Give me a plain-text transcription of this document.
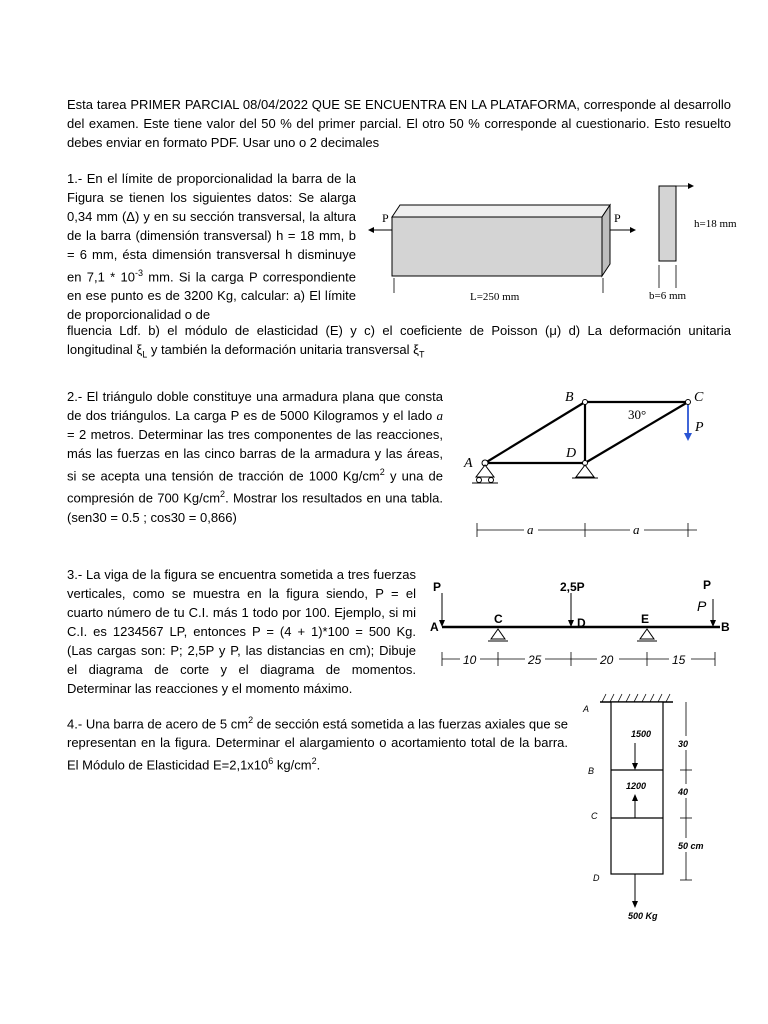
Esta tarea PRIMER PARCIAL 08/04/2022 QUE SE ENCUENTRA EN LA PLATAFORMA, corresponde al desarrollo del examen. Este tiene valor del 50 % del primer parcial. El otro 50 % corresponde al cuestionario. Esto resuelto debes enviar en formato PDF. Usar uno o 2 decimales

1.- En el límite de proporcionalidad la barra de la Figura se tienen los siguientes datos: Se alarga 0,34 mm (Δ) y en su sección transversal, la altura de la barra (dimensión transversal) h = 18 mm, b = 6 mm, ésta dimensión transversal h disminuye en $7,1 * 10^{-3}$ mm. Si la carga P correspondiente en ese punto es de 3200 Kg, calcular: a) El límite de proporcionalidad o de

fluencia Ldf. b) el módulo de elasticidad (E) y c) el coeficiente de Poisson (μ) d) La deformación unitaria longitudinal $\xi_L$ y también la deformación unitaria transversal $\xi_T$

P	P
L=250 mm
h=18 mm
b=6 mm

2.- El triángulo doble constituye una armadura plana que consta de dos triángulos. La carga P es de 5000 Kilogramos y el lado a = 2 metros. Determinar las tres componentes de las reacciones, más las fuerzas en las cinco barras de la armadura y las áreas, si se acepta una tensión de tracción de 1000 $Kg/cm^2$ y una de compresión de 700 $Kg/cm^2$. Mostrar los resultados en una tabla. (sen30 = 0.5 ; cos30 = 0,866)

A
B	C
D
P
30°
a	a

3.- La viga de la figura se encuentra sometida a tres fuerzas verticales, como se muestra en la figura siendo, P = el cuarto número de tu C.I. más 1 todo por 100. Ejemplo, si mi C.I. es 1234567 LP, entonces P = (4 + 1)*100 = 500 Kg. (Las cargas son: P; 2,5P y P, las distancias en cm); Dibuje el diagrama de corte y el diagrama de momentos. Determinar las reacciones y el momento máximo.

P	2,5P	P
P
A
C	D	E
B
10	25	20	15

4.- Una barra de acero de 5 $cm^2$ de sección está sometida a las fuerzas axiales que se representan en la figura. Determinar el alargamiento o acortamiento total de la barra. El Módulo de Elasticidad $E=2,1x10^6$ $kg/cm^2$.

A
B
C
D
1500
1200
500 Kg
30
40
50 cm
